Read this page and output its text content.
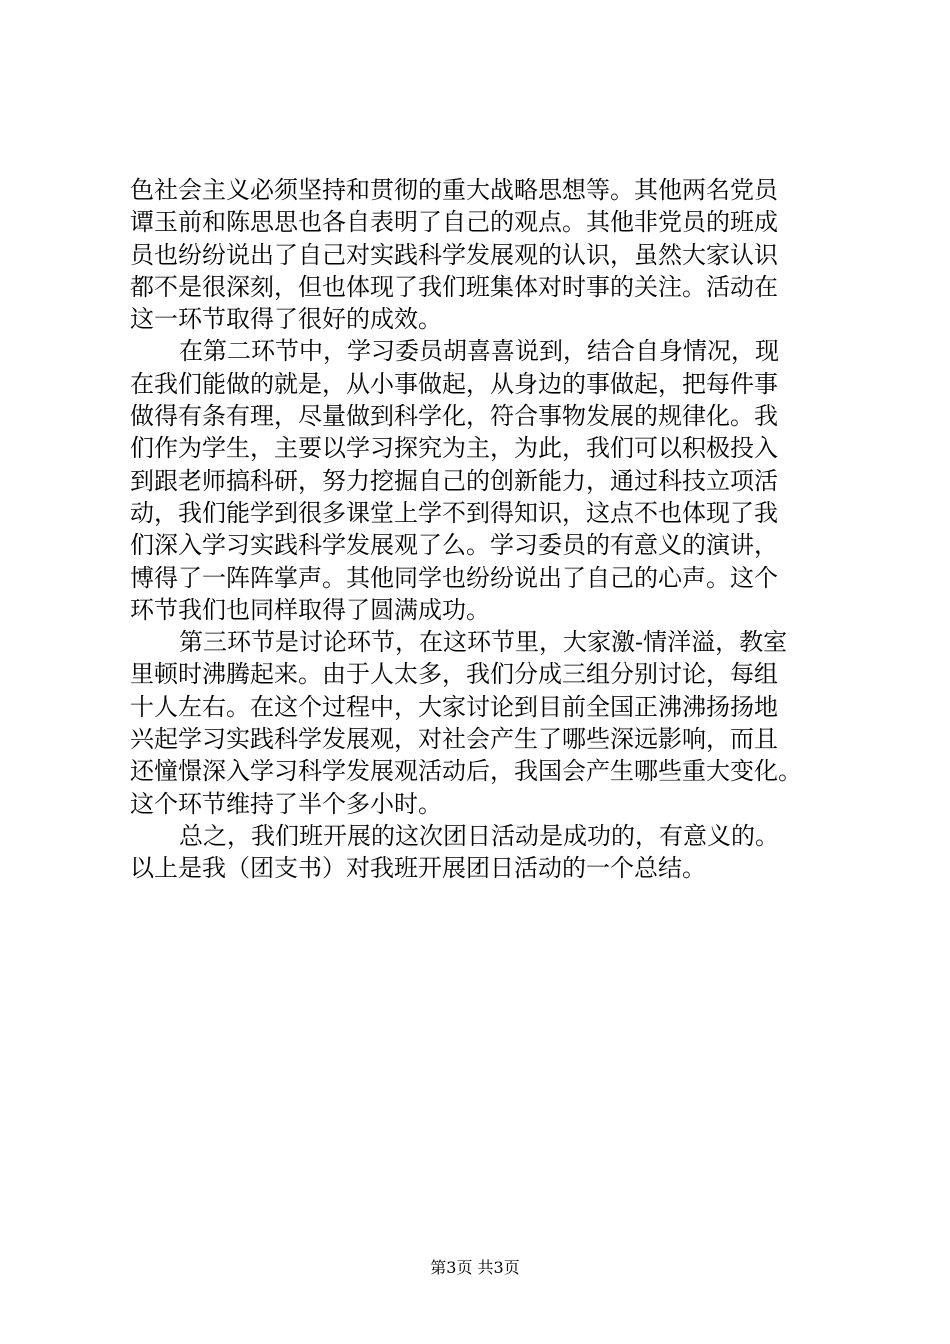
色社会主义必须坚持和贯彻的重大战略思想等。其他两名党员
谭玉前和陈思思也各自表明了自己的观点。其他非党员的班成
员也纷纷说出了自己对实践科学发展观的认识，虽然大家认识
都不是很深刻，但也体现了我们班集体对时事的关注。活动在
这一环节取得了很好的成效。
在第二环节中，学习委员胡喜喜说到，结合自身情况，现
在我们能做的就是，从小事做起，从身边的事做起，把每件事
做得有条有理，尽量做到科学化，符合事物发展的规律化。我
们作为学生，主要以学习探究为主，为此，我们可以积极投入
到跟老师搞科研，努力挖掘自己的创新能力，通过科技立项活
动，我们能学到很多课堂上学不到得知识，这点不也体现了我
们深入学习实践科学发展观了么。学习委员的有意义的演讲，
博得了一阵阵掌声。其他同学也纷纷说出了自己的心声。这个
环节我们也同样取得了圆满成功。
第三环节是讨论环节，在这环节里，大家激-情洋溢，教室
里顿时沸腾起来。由于人太多，我们分成三组分别讨论，每组
十人左右。在这个过程中，大家讨论到目前全国正沸沸扬扬地
兴起学习实践科学发展观，对社会产生了哪些深远影响，而且
还憧憬深入学习科学发展观活动后，我国会产生哪些重大变化。
这个环节维持了半个多小时。
总之，我们班开展的这次团日活动是成功的，有意义的。
以上是我（团支书）对我班开展团日活动的一个总结。
第3页 共3页
